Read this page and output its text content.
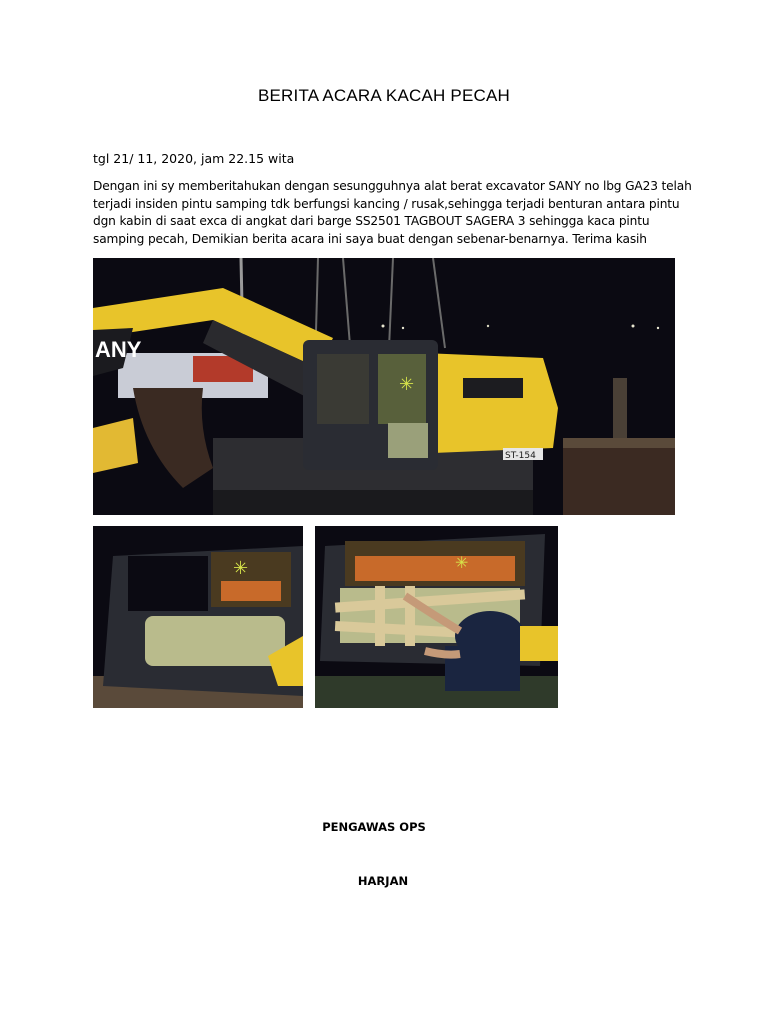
BERITA ACARA KACAH PECAH
tgl 21/ 11, 2020, jam 22.15 wita
Dengan ini sy memberitahukan dengan sesungguhnya alat berat excavator SANY no lbg GA23 telah
terjadi insiden pintu samping tdk berfungsi kancing / rusak,sehingga terjadi benturan antara pintu
dgn kabin di saat exca di angkat dari barge SS2501 TAGBOUT SAGERA 3 sehingga kaca pintu
samping pecah, Demikian berita acara ini saya buat dengan sebenar-benarnya. Terima kasih
ANY
✳
ST-154
✳	✳
PENGAWAS OPS
HARJAN
